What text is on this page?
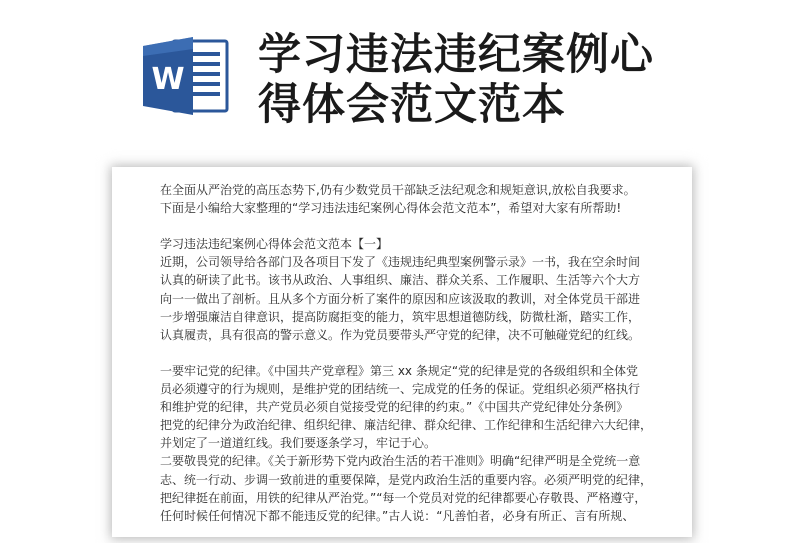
W 学习违法违纪案例心
得体会范文范本
在全面从严治党的高压态势下,仍有少数党员干部缺乏法纪观念和规矩意识,放松自我要求。
下面是小编给大家整理的“学习违法违纪案例心得体会范文范本”，希望对大家有所帮助!
学习违法违纪案例心得体会范文范本【一】
近期，公司领导给各部门及各项目下发了《违规违纪典型案例警示录》一书，我在空余时间
认真的研读了此书。该书从政治、人事组织、廉洁、群众关系、工作履职、生活等六个大方
向一一做出了剖析。且从多个方面分析了案件的原因和应该汲取的教训，对全体党员干部进
一步增强廉洁自律意识，提高防腐拒变的能力，筑牢思想道德防线，防微杜渐，踏实工作，
认真履责，具有很高的警示意义。作为党员要带头严守党的纪律，决不可触碰党纪的红线。
一要牢记党的纪律。《中国共产党章程》第三 xx 条规定“党的纪律是党的各级组织和全体党
员必须遵守的行为规则，是维护党的团结统一、完成党的任务的保证。党组织必须严格执行
和维护党的纪律，共产党员必须自觉接受党的纪律的约束。”《中国共产党纪律处分条例》
把党的纪律分为政治纪律、组织纪律、廉洁纪律、群众纪律、工作纪律和生活纪律六大纪律，
并划定了一道道红线。我们要逐条学习，牢记于心。
二要敬畏党的纪律。《关于新形势下党内政治生活的若干准则》明确“纪律严明是全党统一意
志、统一行动、步调一致前进的重要保障，是党内政治生活的重要内容。必须严明党的纪律，
把纪律挺在前面，用铁的纪律从严治党。”“每一个党员对党的纪律都要心存敬畏、严格遵守，
任何时候任何情况下都不能违反党的纪律。”古人说：“凡善怕者，必身有所正、言有所规、
